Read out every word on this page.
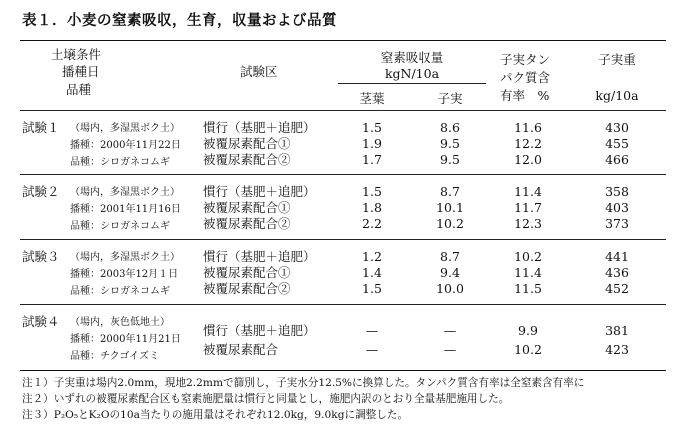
表１．小麦の窒素吸収，生育，収量および品質
土壌条件
播種日
品種
試験区
窒素吸収量
kgN/10a
茎葉	子実
子実タン
パク質含
有率　%
子実重
kg/10a
試験１ （場内，多湿黒ボク土）
播種：2000年11月22日
品種：シロガネコムギ
慣行（基肥＋追肥）	1.5	8.6	11.6	430
被覆尿素配合①	1.9	9.5	12.2	455
被覆尿素配合②	1.7	9.5	12.0	466
試験２ （場内，多湿黒ボク土）
播種：2001年11月16日
品種：シロガネコムギ
慣行（基肥＋追肥）	1.5	8.7	11.4	358
被覆尿素配合①	1.8	10.1	11.7	403
被覆尿素配合②	2.2	10.2	12.3	373
試験３ （場内，多湿黒ボク土）
播種：2003年12月１日
品種：シロガネコムギ
慣行（基肥＋追肥）	1.2	8.7	10.2	441
被覆尿素配合①	1.4	9.4	11.4	436
被覆尿素配合②	1.5	10.0	11.5	452
試験４ （場内，灰色低地土）
播種：2000年11月21日
品種：チクゴイズミ
慣行（基肥＋追肥）	—	—	9.9	381
被覆尿素配合	—	—	10.2	423
注１）子実重は場内2.0mm，現地2.2mmで篩別し，子実水分12.5%に換算した。タンパク質含有率は全窒素含有率に
注２）いずれの被覆尿素配合区も窒素施肥量は慣行と同量とし，施肥内訳のとおり全量基肥施用した。
注３）P₂O₅とK₂Oの10a当たりの施用量はそれぞれ12.0kg，9.0kgに調整した。
